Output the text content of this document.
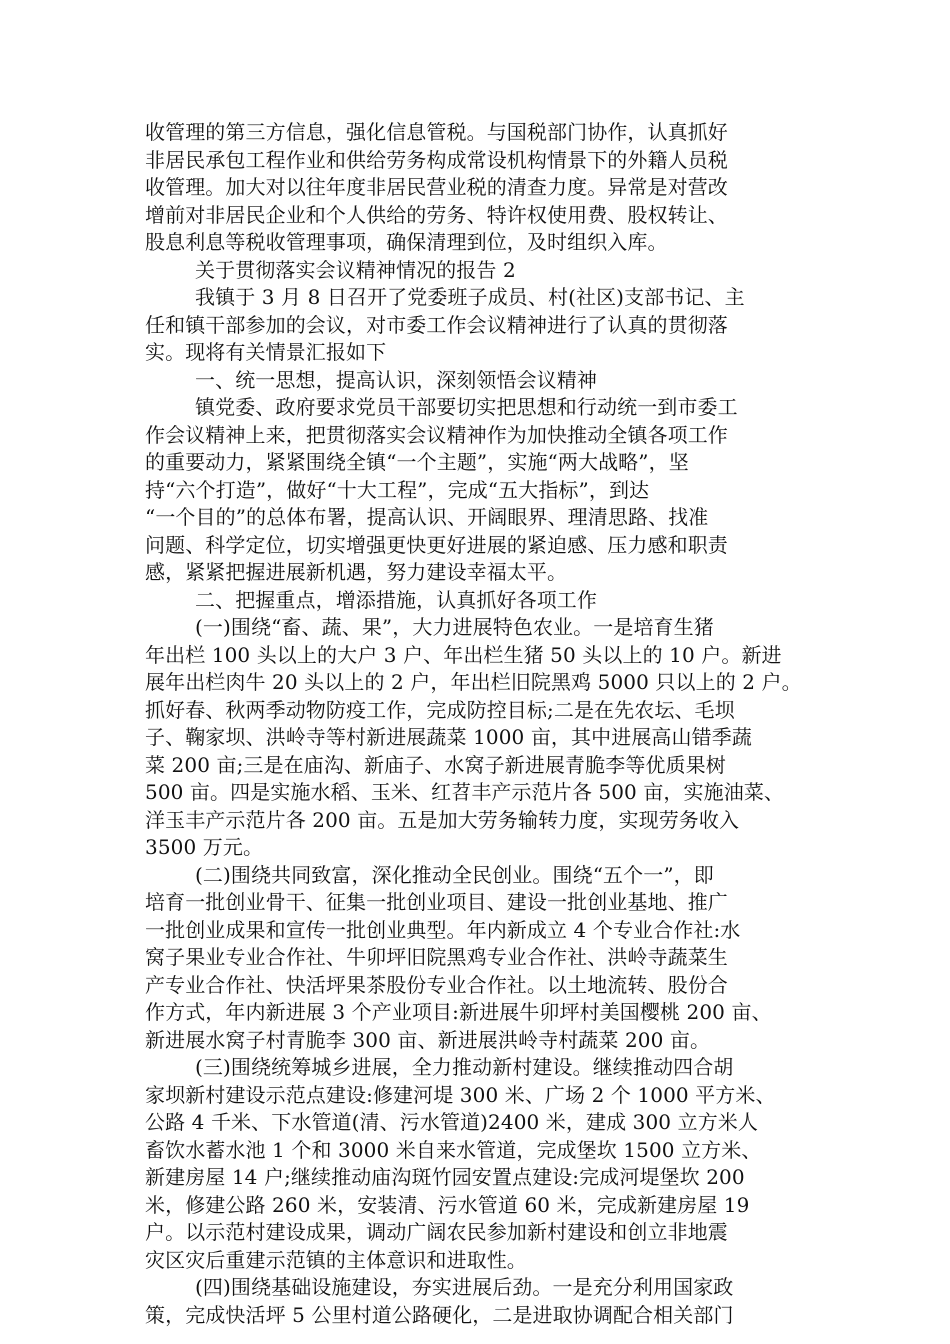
收管理的第三方信息，强化信息管税。与国税部门协作，认真抓好
非居民承包工程作业和供给劳务构成常设机构情景下的外籍人员税
收管理。加大对以往年度非居民营业税的清查力度。异常是对营改
增前对非居民企业和个人供给的劳务、特许权使用费、股权转让、
股息利息等税收管理事项，确保清理到位，及时组织入库。
关于贯彻落实会议精神情况的报告 2
我镇于 3 月 8 日召开了党委班子成员、村(社区)支部书记、主
任和镇干部参加的会议，对市委工作会议精神进行了认真的贯彻落
实。现将有关情景汇报如下
一、统一思想，提高认识，深刻领悟会议精神
镇党委、政府要求党员干部要切实把思想和行动统一到市委工
作会议精神上来，把贯彻落实会议精神作为加快推动全镇各项工作
的重要动力，紧紧围绕全镇“一个主题”，实施“两大战略”，坚
持“六个打造”，做好“十大工程”，完成“五大指标”，到达
“一个目的”的总体布署，提高认识、开阔眼界、理清思路、找准
问题、科学定位，切实增强更快更好进展的紧迫感、压力感和职责
感，紧紧把握进展新机遇，努力建设幸福太平。
二、把握重点，增添措施，认真抓好各项工作
(一)围绕“畜、蔬、果”，大力进展特色农业。一是培育生猪
年出栏 100 头以上的大户 3 户、年出栏生猪 50 头以上的 10 户。新进
展年出栏肉牛 20 头以上的 2 户，年出栏旧院黑鸡 5000 只以上的 2 户。
抓好春、秋两季动物防疫工作，完成防控目标;二是在先农坛、毛坝
子、鞠家坝、洪岭寺等村新进展蔬菜 1000 亩，其中进展高山错季蔬
菜 200 亩;三是在庙沟、新庙子、水窝子新进展青脆李等优质果树
500 亩。四是实施水稻、玉米、红苕丰产示范片各 500 亩，实施油菜、
洋玉丰产示范片各 200 亩。五是加大劳务输转力度，实现劳务收入
3500 万元。
(二)围绕共同致富，深化推动全民创业。围绕“五个一”，即
培育一批创业骨干、征集一批创业项目、建设一批创业基地、推广
一批创业成果和宣传一批创业典型。年内新成立 4 个专业合作社:水
窝子果业专业合作社、牛卯坪旧院黑鸡专业合作社、洪岭寺蔬菜生
产专业合作社、快活坪果茶股份专业合作社。以土地流转、股份合
作方式，年内新进展 3 个产业项目:新进展牛卯坪村美国樱桃 200 亩、
新进展水窝子村青脆李 300 亩、新进展洪岭寺村蔬菜 200 亩。
(三)围绕统筹城乡进展，全力推动新村建设。继续推动四合胡
家坝新村建设示范点建设:修建河堤 300 米、广场 2 个 1000 平方米、
公路 4 千米、下水管道(清、污水管道)2400 米，建成 300 立方米人
畜饮水蓄水池 1 个和 3000 米自来水管道，完成堡坎 1500 立方米、
新建房屋 14 户;继续推动庙沟斑竹园安置点建设:完成河堤堡坎 200
米，修建公路 260 米，安装清、污水管道 60 米，完成新建房屋 19
户。以示范村建设成果，调动广阔农民参加新村建设和创立非地震
灾区灾后重建示范镇的主体意识和进取性。
(四)围绕基础设施建设，夯实进展后劲。一是充分利用国家政
策，完成快活坪 5 公里村道公路硬化，二是进取协调配合相关部门
